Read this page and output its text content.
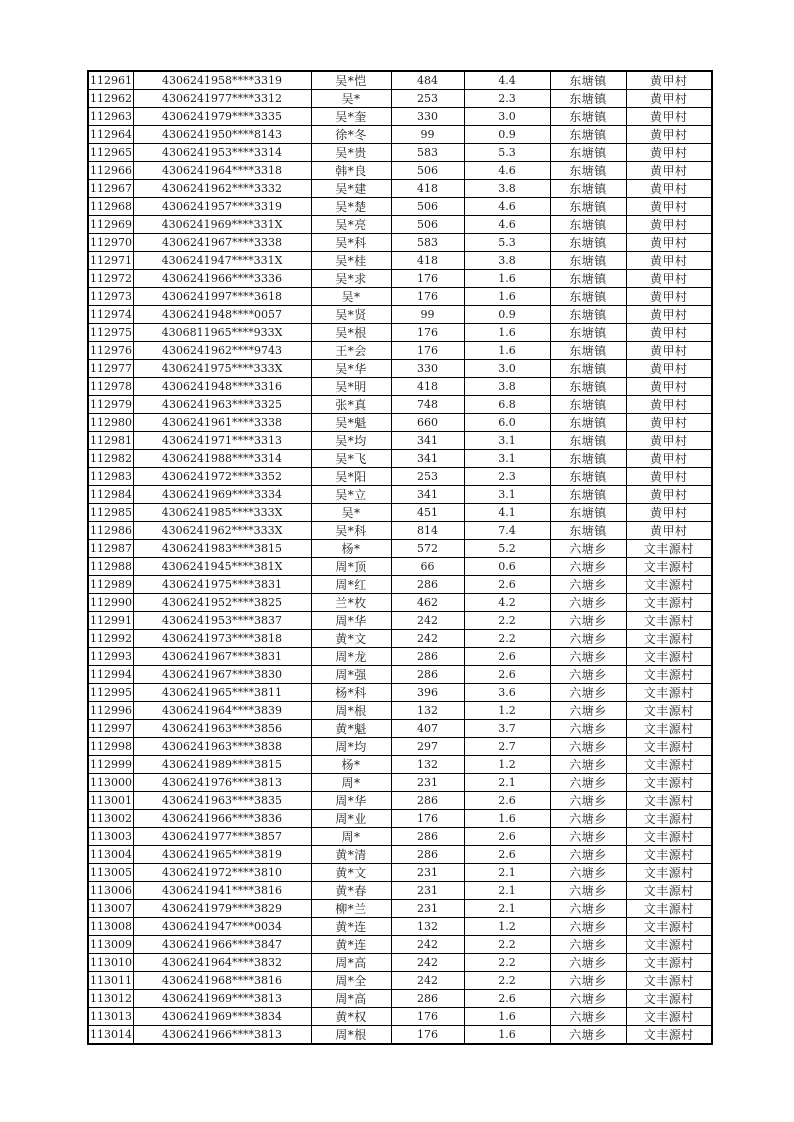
112961	4306241958****3319	吴*恺	484	4.4	东塘镇	黄甲村
112962	4306241977****3312	吴*	253	2.3	东塘镇	黄甲村
112963	4306241979****3335	吴*奎	330	3.0	东塘镇	黄甲村
112964	4306241950****8143	徐*冬	99	0.9	东塘镇	黄甲村
112965	4306241953****3314	吴*贵	583	5.3	东塘镇	黄甲村
112966	4306241964****3318	韩*良	506	4.6	东塘镇	黄甲村
112967	4306241962****3332	吴*建	418	3.8	东塘镇	黄甲村
112968	4306241957****3319	吴*楚	506	4.6	东塘镇	黄甲村
112969	4306241969****331X	吴*亮	506	4.6	东塘镇	黄甲村
112970	4306241967****3338	吴*科	583	5.3	东塘镇	黄甲村
112971	4306241947****331X	吴*桂	418	3.8	东塘镇	黄甲村
112972	4306241966****3336	吴*求	176	1.6	东塘镇	黄甲村
112973	4306241997****3618	吴*	176	1.6	东塘镇	黄甲村
112974	4306241948****0057	吴*贤	99	0.9	东塘镇	黄甲村
112975	4306811965****933X	吴*根	176	1.6	东塘镇	黄甲村
112976	4306241962****9743	王*会	176	1.6	东塘镇	黄甲村
112977	4306241975****333X	吴*华	330	3.0	东塘镇	黄甲村
112978	4306241948****3316	吴*明	418	3.8	东塘镇	黄甲村
112979	4306241963****3325	张*真	748	6.8	东塘镇	黄甲村
112980	4306241961****3338	吴*魁	660	6.0	东塘镇	黄甲村
112981	4306241971****3313	吴*均	341	3.1	东塘镇	黄甲村
112982	4306241988****3314	吴*飞	341	3.1	东塘镇	黄甲村
112983	4306241972****3352	吴*阳	253	2.3	东塘镇	黄甲村
112984	4306241969****3334	吴*立	341	3.1	东塘镇	黄甲村
112985	4306241985****333X	吴*	451	4.1	东塘镇	黄甲村
112986	4306241962****333X	吴*科	814	7.4	东塘镇	黄甲村
112987	4306241983****3815	杨*	572	5.2	六塘乡	文丰源村
112988	4306241945****381X	周*顶	66	0.6	六塘乡	文丰源村
112989	4306241975****3831	周*红	286	2.6	六塘乡	文丰源村
112990	4306241952****3825	兰*枚	462	4.2	六塘乡	文丰源村
112991	4306241953****3837	周*华	242	2.2	六塘乡	文丰源村
112992	4306241973****3818	黄*文	242	2.2	六塘乡	文丰源村
112993	4306241967****3831	周*龙	286	2.6	六塘乡	文丰源村
112994	4306241967****3830	周*强	286	2.6	六塘乡	文丰源村
112995	4306241965****3811	杨*科	396	3.6	六塘乡	文丰源村
112996	4306241964****3839	周*根	132	1.2	六塘乡	文丰源村
112997	4306241963****3856	黄*魁	407	3.7	六塘乡	文丰源村
112998	4306241963****3838	周*均	297	2.7	六塘乡	文丰源村
112999	4306241989****3815	杨*	132	1.2	六塘乡	文丰源村
113000	4306241976****3813	周*	231	2.1	六塘乡	文丰源村
113001	4306241963****3835	周*华	286	2.6	六塘乡	文丰源村
113002	4306241966****3836	周*业	176	1.6	六塘乡	文丰源村
113003	4306241977****3857	周*	286	2.6	六塘乡	文丰源村
113004	4306241965****3819	黄*清	286	2.6	六塘乡	文丰源村
113005	4306241972****3810	黄*文	231	2.1	六塘乡	文丰源村
113006	4306241941****3816	黄*春	231	2.1	六塘乡	文丰源村
113007	4306241979****3829	柳*兰	231	2.1	六塘乡	文丰源村
113008	4306241947****0034	黄*连	132	1.2	六塘乡	文丰源村
113009	4306241966****3847	黄*连	242	2.2	六塘乡	文丰源村
113010	4306241964****3832	周*高	242	2.2	六塘乡	文丰源村
113011	4306241968****3816	周*全	242	2.2	六塘乡	文丰源村
113012	4306241969****3813	周*高	286	2.6	六塘乡	文丰源村
113013	4306241969****3834	黄*权	176	1.6	六塘乡	文丰源村
113014	4306241966****3813	周*根	176	1.6	六塘乡	文丰源村
